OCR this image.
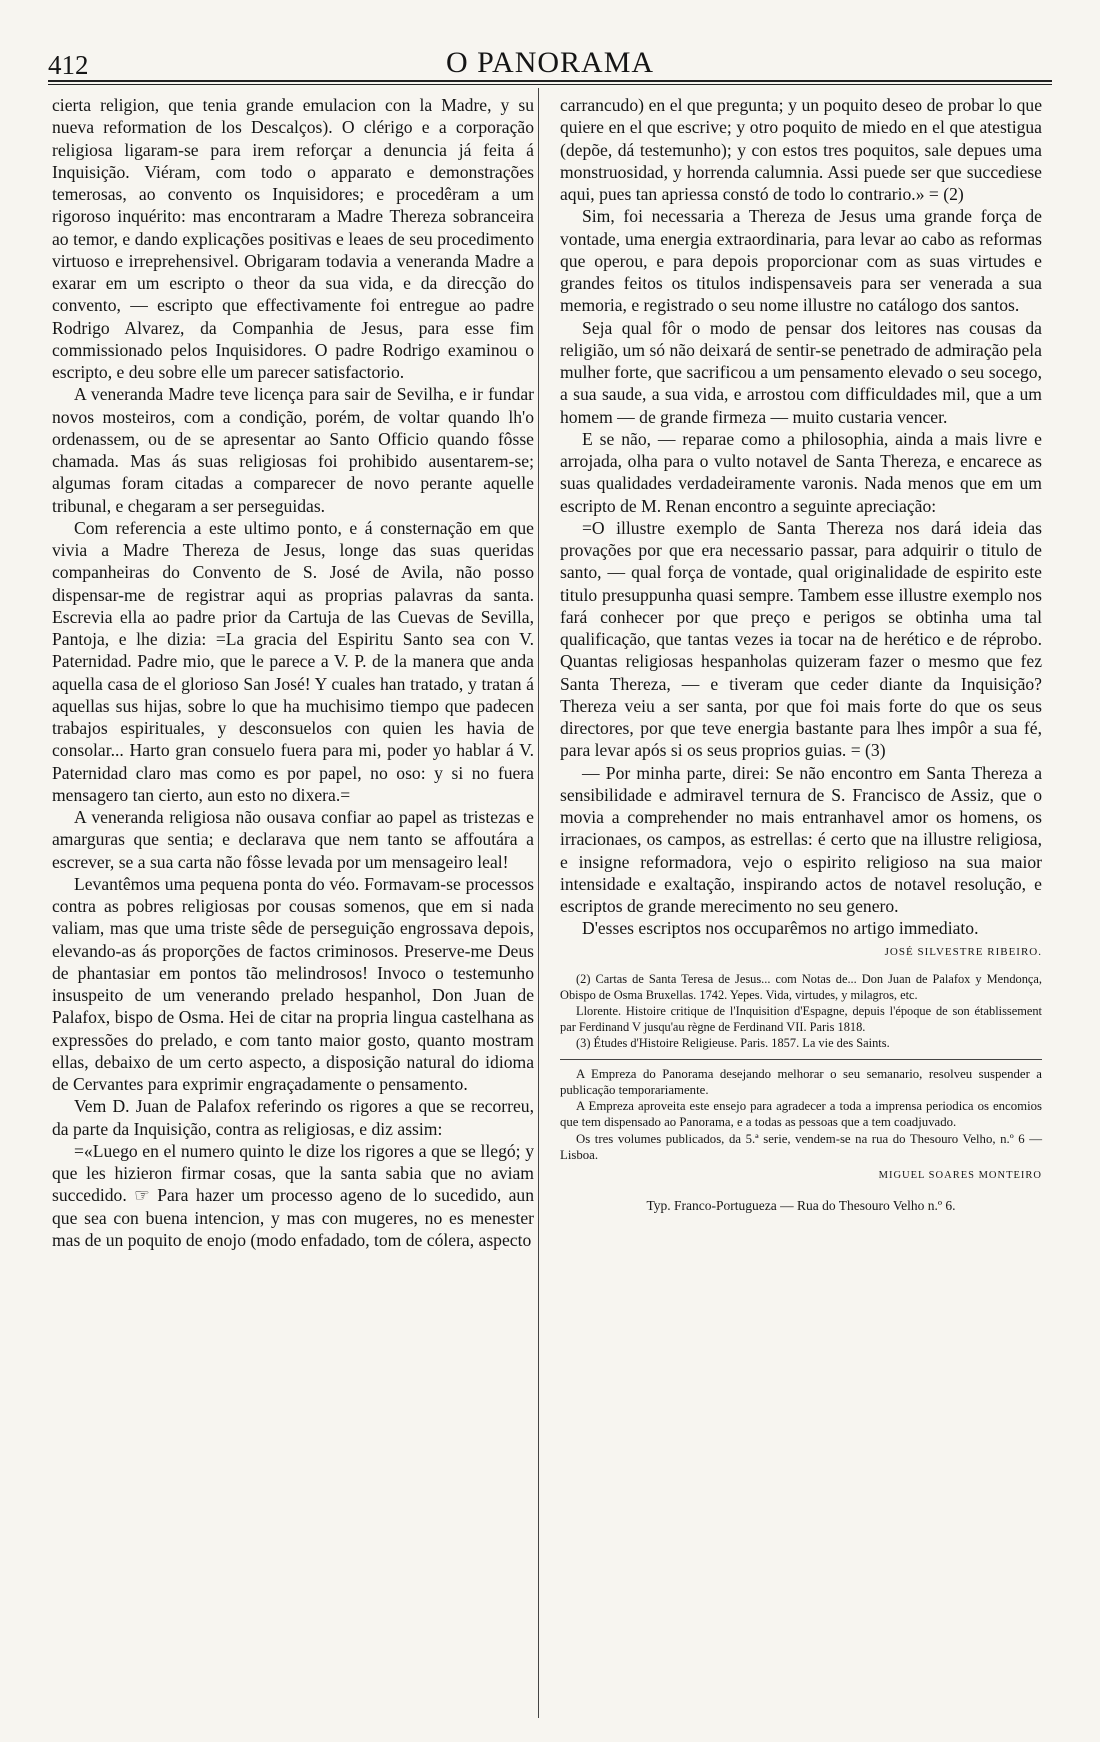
412	O PANORAMA

cierta religion, que tenia grande emulacion con la Madre, y su nueva reformation de los Descalços). O clérigo e a corporação religiosa ligaram-se para irem reforçar a denuncia já feita á Inquisição. Viéram, com todo o apparato e demonstrações temerosas, ao convento os Inquisidores; e procedêram a um rigoroso inquérito: mas encontraram a Madre Thereza sobranceira ao temor, e dando explicações positivas e leaes de seu procedimento virtuoso e irreprehensivel. Obrigaram todavia a veneranda Madre a exarar em um escripto o theor da sua vida, e da direcção do convento, — escripto que effectivamente foi entregue ao padre Rodrigo Alvarez, da Companhia de Jesus, para esse fim commissionado pelos Inquisidores. O padre Rodrigo examinou o escripto, e deu sobre elle um parecer satisfactorio.

A veneranda Madre teve licença para sair de Sevilha, e ir fundar novos mosteiros, com a condição, porém, de voltar quando lh'o ordenassem, ou de se apresentar ao Santo Officio quando fôsse chamada. Mas ás suas religiosas foi prohibido ausentarem-se; algumas foram citadas a comparecer de novo perante aquelle tribunal, e chegaram a ser perseguidas.

Com referencia a este ultimo ponto, e á consternação em que vivia a Madre Thereza de Jesus, longe das suas queridas companheiras do Convento de S. José de Avila, não posso dispensar-me de registrar aqui as proprias palavras da santa. Escrevia ella ao padre prior da Cartuja de las Cuevas de Sevilla, Pantoja, e lhe dizia: =La gracia del Espiritu Santo sea con V. Paternidad. Padre mio, que le parece a V. P. de la manera que anda aquella casa de el glorioso San José! Y cuales han tratado, y tratan á aquellas sus hijas, sobre lo que ha muchisimo tiempo que padecen trabajos espirituales, y desconsuelos con quien les havia de consolar... Harto gran consuelo fuera para mi, poder yo hablar á V. Paternidad claro mas como es por papel, no oso: y si no fuera mensagero tan cierto, aun esto no dixera.=

A veneranda religiosa não ousava confiar ao papel as tristezas e amarguras que sentia; e declarava que nem tanto se affoutára a escrever, se a sua carta não fôsse levada por um mensageiro leal!

Levantêmos uma pequena ponta do véo. Formavam-se processos contra as pobres religiosas por cousas somenos, que em si nada valiam, mas que uma triste sêde de perseguição engrossava depois, elevando-as ás proporções de factos criminosos. Preserve-me Deus de phantasiar em pontos tão melindrosos! Invoco o testemunho insuspeito de um venerando prelado hespanhol, Don Juan de Palafox, bispo de Osma. Hei de citar na propria lingua castelhana as expressões do prelado, e com tanto maior gosto, quanto mostram ellas, debaixo de um certo aspecto, a disposição natural do idioma de Cervantes para exprimir engraçadamente o pensamento.

Vem D. Juan de Palafox referindo os rigores a que se recorreu, da parte da Inquisição, contra as religiosas, e diz assim:

=«Luego en el numero quinto le dize los rigores a que se llegó; y que les hizieron firmar cosas, que la santa sabia que no aviam succedido. ☞ Para hazer um processo ageno de lo sucedido, aun que sea con buena intencion, y mas con mugeres, no es menester mas de un poquito de enojo (modo enfadado, tom de cólera, aspecto

carrancudo) en el que pregunta; y un poquito deseo de probar lo que quiere en el que escrive; y otro poquito de miedo en el que atestigua (depõe, dá testemunho); y con estos tres poquitos, sale depues uma monstruosidad, y horrenda calumnia. Assi puede ser que succediese aqui, pues tan apriessa constó de todo lo contrario.» = (2)

Sim, foi necessaria a Thereza de Jesus uma grande força de vontade, uma energia extraordinaria, para levar ao cabo as reformas que operou, e para depois proporcionar com as suas virtudes e grandes feitos os titulos indispensaveis para ser venerada a sua memoria, e registrado o seu nome illustre no catálogo dos santos.

Seja qual fôr o modo de pensar dos leitores nas cousas da religião, um só não deixará de sentir-se penetrado de admiração pela mulher forte, que sacrificou a um pensamento elevado o seu socego, a sua saude, a sua vida, e arrostou com difficuldades mil, que a um homem — de grande firmeza — muito custaria vencer.

E se não, — reparae como a philosophia, ainda a mais livre e arrojada, olha para o vulto notavel de Santa Thereza, e encarece as suas qualidades verdadeiramente varonis. Nada menos que em um escripto de M. Renan encontro a seguinte apreciação:

=O illustre exemplo de Santa Thereza nos dará ideia das provações por que era necessario passar, para adquirir o titulo de santo, — qual força de vontade, qual originalidade de espirito este titulo presuppunha quasi sempre. Tambem esse illustre exemplo nos fará conhecer por que preço e perigos se obtinha uma tal qualificação, que tantas vezes ia tocar na de herético e de réprobo. Quantas religiosas hespanholas quizeram fazer o mesmo que fez Santa Thereza, — e tiveram que ceder diante da Inquisição? Thereza veiu a ser santa, por que foi mais forte do que os seus directores, por que teve energia bastante para lhes impôr a sua fé, para levar após si os seus proprios guias. = (3)

— Por minha parte, direi: Se não encontro em Santa Thereza a sensibilidade e admiravel ternura de S. Francisco de Assiz, que o movia a comprehender no mais entranhavel amor os homens, os irracionaes, os campos, as estrellas: é certo que na illustre religiosa, e insigne reformadora, vejo o espirito religioso na sua maior intensidade e exaltação, inspirando actos de notavel resolução, e escriptos de grande merecimento no seu genero.

D'esses escriptos nos occuparêmos no artigo immediato.

JOSÉ SILVESTRE RIBEIRO.

(2) Cartas de Santa Teresa de Jesus... com Notas de... Don Juan de Palafox y Mendonça, Obispo de Osma Bruxellas. 1742. Yepes. Vida, virtudes, y milagros, etc.

Llorente. Histoire critique de l'Inquisition d'Espagne, depuis l'époque de son établissement par Ferdinand V jusqu'au règne de Ferdinand VII. Paris 1818.

(3) Études d'Histoire Religieuse. Paris. 1857. La vie des Saints.

A Empreza do Panorama desejando melhorar o seu semanario, resolveu suspender a publicação temporariamente.

A Empreza aproveita este ensejo para agradecer a toda a imprensa periodica os encomios que tem dispensado ao Panorama, e a todas as pessoas que a tem coadjuvado.

Os tres volumes publicados, da 5.ª serie, vendem-se na rua do Thesouro Velho, n.º 6 — Lisboa.

MIGUEL SOARES MONTEIRO
Typ. Franco-Portugueza — Rua do Thesouro Velho n.º 6.
